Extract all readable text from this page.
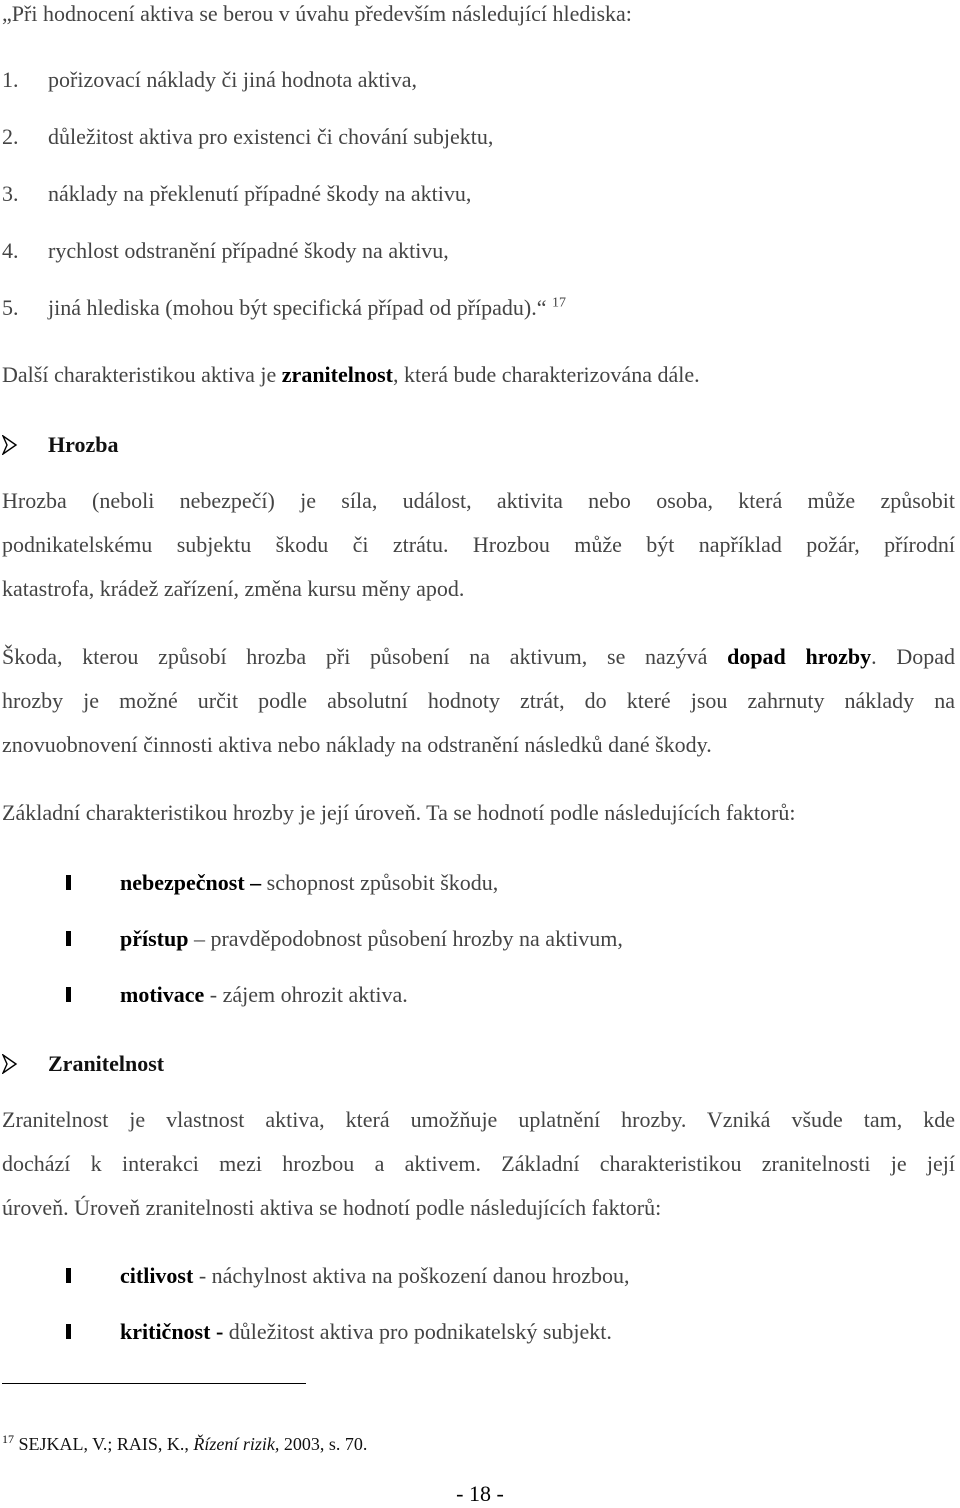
„Při hodnocení aktiva se berou v úvahu především následující hlediska:
1. pořizovací náklady či jiná hodnota aktiva,
2. důležitost aktiva pro existenci či chování subjektu,
3. náklady na překlenutí případné škody na aktivu,
4. rychlost odstranění případné škody na aktivu,
5. jiná hlediska (mohou být specifická případ od případu).“ $^{17}$
Další charakteristikou aktiva je zranitelnost, která bude charakterizována dále.
Hrozba
Hrozba (neboli nebezpečí) je síla, událost, aktivita nebo osoba, která může způsobit
podnikatelskému subjektu škodu či ztrátu. Hrozbou může být například požár, přírodní
katastrofa, krádež zařízení, změna kursu měny apod.
Škoda, kterou způsobí hrozba při působení na aktivum, se nazývá dopad hrozby. Dopad
hrozby je možné určit podle absolutní hodnoty ztrát, do které jsou zahrnuty náklady na
znovuobnovení činnosti aktiva nebo náklady na odstranění následků dané škody.
Základní charakteristikou hrozby je její úroveň. Ta se hodnotí podle následujících faktorů:
nebezpečnost – schopnost způsobit škodu,
přístup – pravděpodobnost působení hrozby na aktivum,
motivace - zájem ohrozit aktiva.
Zranitelnost
Zranitelnost je vlastnost aktiva, která umožňuje uplatnění hrozby. Vzniká všude tam, kde
dochází k interakci mezi hrozbou a aktivem. Základní charakteristikou zranitelnosti je její
úroveň. Úroveň zranitelnosti aktiva se hodnotí podle následujících faktorů:
citlivost - náchylnost aktiva na poškození danou hrozbou,
kritičnost - důležitost aktiva pro podnikatelský subjekt.
$^{17}$ SEJKAL, V.; RAIS, K., Řízení rizik, 2003, s. 70.
- 18 -
